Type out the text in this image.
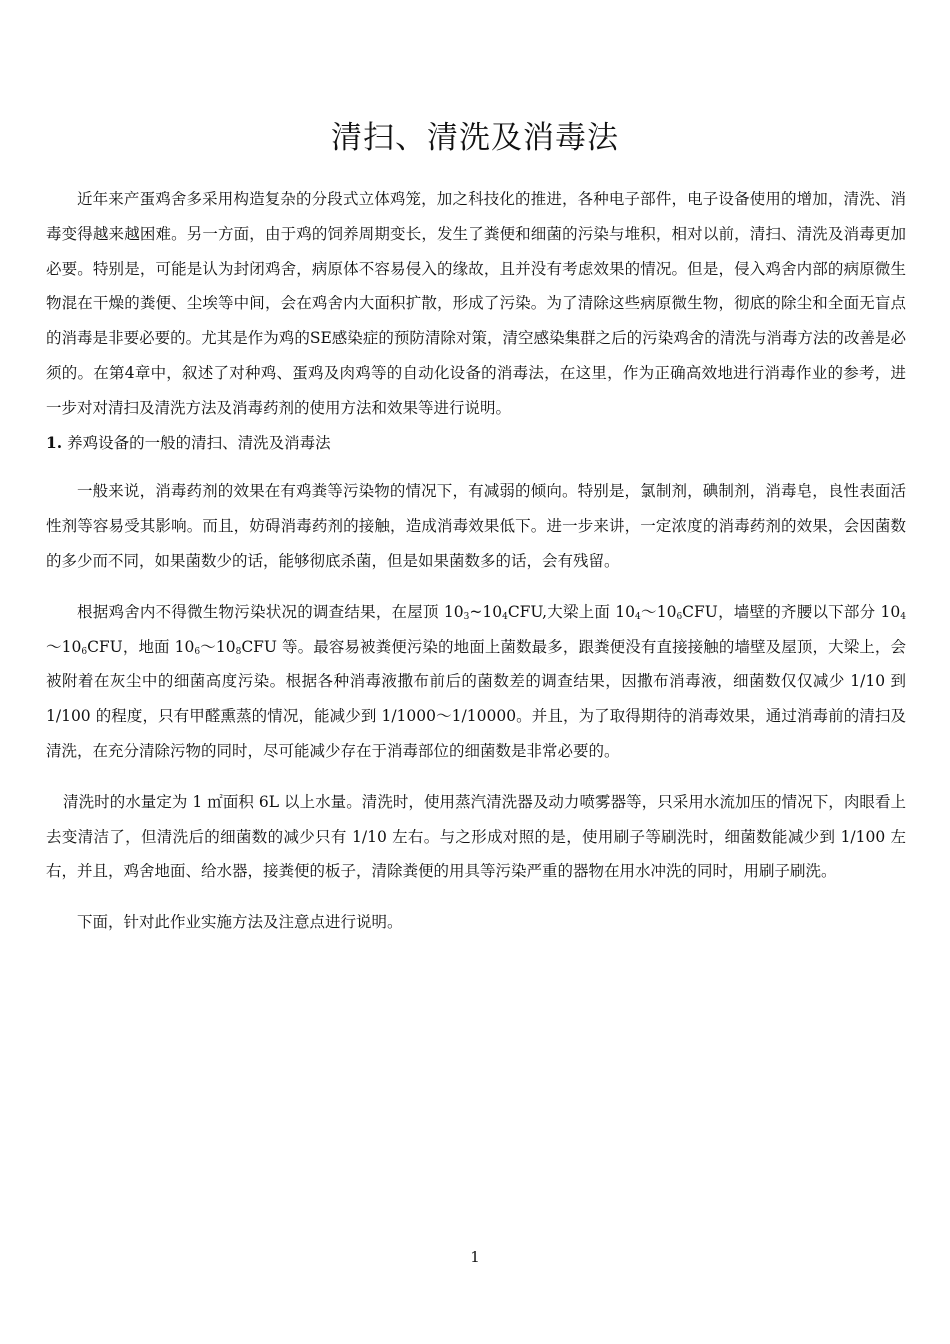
清扫、清洗及消毒法

近年来产蛋鸡舍多采用构造复杂的分段式立体鸡笼，加之科技化的推进，各种电子部件，电子设备使用的增加，清洗、消毒变得越来越困难。另一方面，由于鸡的饲养周期变长，发生了粪便和细菌的污染与堆积，相对以前，清扫、清洗及消毒更加必要。特别是，可能是认为封闭鸡舍，病原体不容易侵入的缘故，且并没有考虑效果的情况。但是，侵入鸡舍内部的病原微生物混在干燥的粪便、尘埃等中间，会在鸡舍内大面积扩散，形成了污染。为了清除这些病原微生物，彻底的除尘和全面无盲点的消毒是非要必要的。尤其是作为鸡的SE感染症的预防清除对策，清空感染集群之后的污染鸡舍的清洗与消毒方法的改善是必须的。在第4章中，叙述了对种鸡、蛋鸡及肉鸡等的自动化设备的消毒法，在这里，作为正确高效地进行消毒作业的参考，进一步对对清扫及清洗方法及消毒药剂的使用方法和效果等进行说明。

1. 养鸡设备的一般的清扫、清洗及消毒法

一般来说，消毒药剂的效果在有鸡粪等污染物的情况下，有减弱的倾向。特别是，氯制剂，碘制剂，消毒皂，良性表面活性剂等容易受其影响。而且，妨碍消毒药剂的接触，造成消毒效果低下。进一步来讲，一定浓度的消毒药剂的效果，会因菌数的多少而不同，如果菌数少的话，能够彻底杀菌，但是如果菌数多的话，会有残留。

根据鸡舍内不得微生物污染状况的调查结果，在屋顶 $10_3\sim 10_4CFU$,大梁上面 $10_4\sim 10_6CFU$，墙壁的齐腰以下部分 $10_4\sim 10_6CFU$，地面 $10_6\sim 10_8CFU$ 等。最容易被粪便污染的地面上菌数最多，跟粪便没有直接接触的墙壁及屋顶，大梁上，会被附着在灰尘中的细菌高度污染。根据各种消毒液撒布前后的菌数差的调查结果，因撒布消毒液，细菌数仅仅减少 1/10 到 1/100 的程度，只有甲醛熏蒸的情况，能减少到 1/1000～1/10000。并且，为了取得期待的消毒效果，通过消毒前的清扫及清洗，在充分清除污物的同时，尽可能减少存在于消毒部位的细菌数是非常必要的。

清洗时的水量定为 1 ㎡面积 6L 以上水量。清洗时，使用蒸汽清洗器及动力喷雾器等，只采用水流加压的情况下，肉眼看上去变清洁了，但清洗后的细菌数的减少只有 1/10 左右。与之形成对照的是，使用刷子等刷洗时，细菌数能减少到 1/100 左右，并且，鸡舍地面、给水器，接粪便的板子，清除粪便的用具等污染严重的器物在用水冲洗的同时，用刷子刷洗。

下面，针对此作业实施方法及注意点进行说明。

1
